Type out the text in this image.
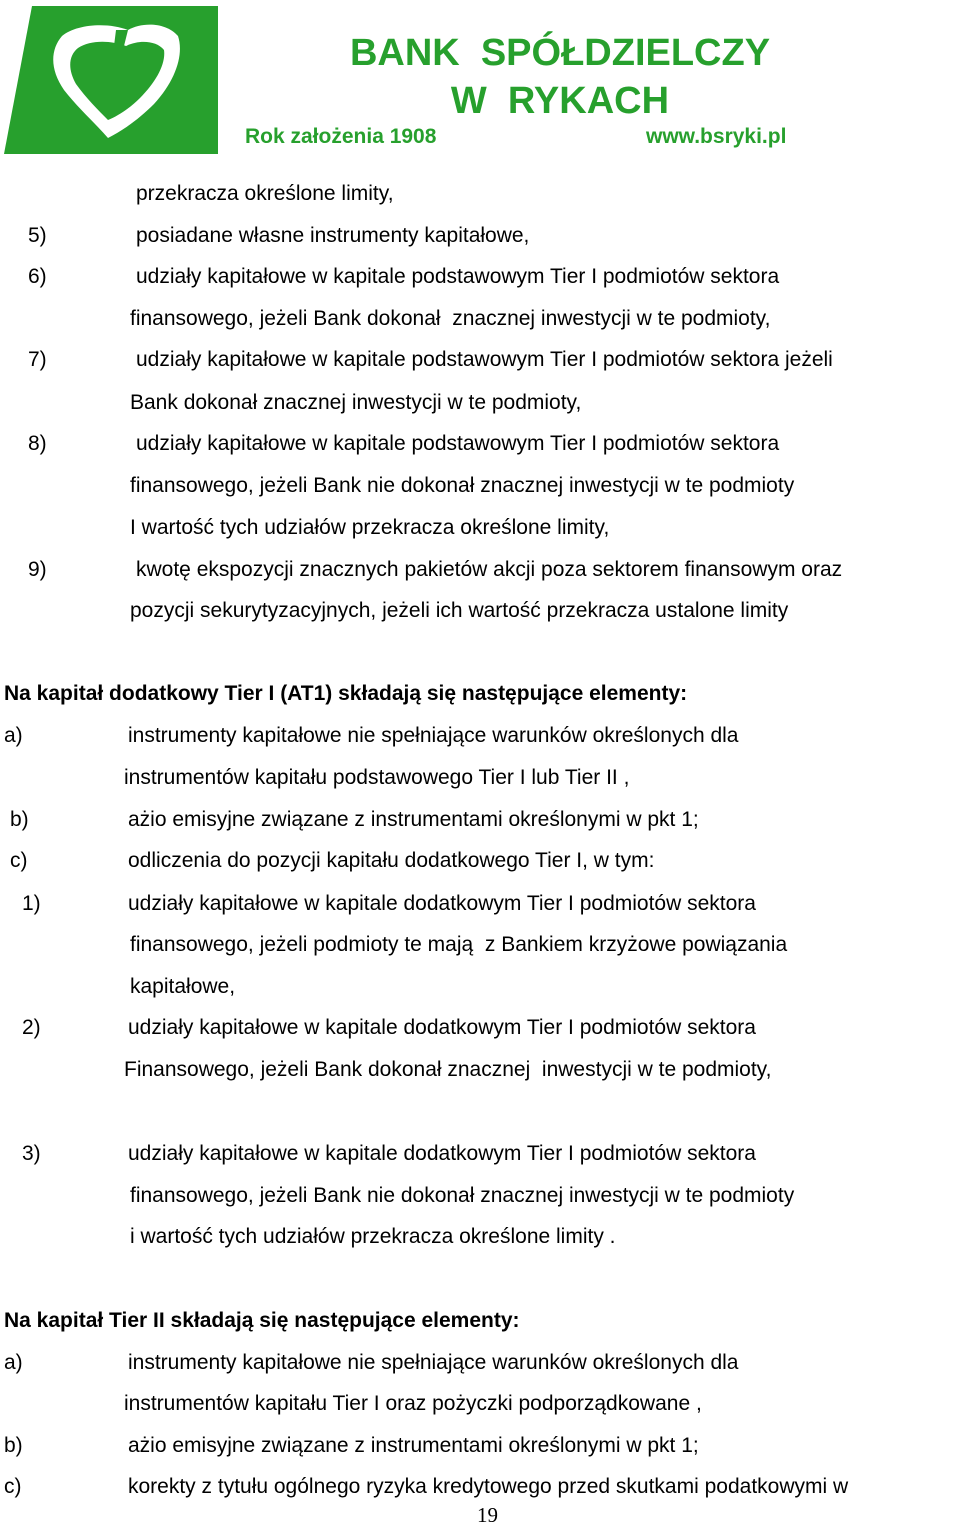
BANK  SPÓŁDZIELCZY
W  RYKACH
Rok założenia 1908	www.bsryki.pl
przekracza określone limity,
5)	posiadane własne instrumenty kapitałowe,
6)	udziały kapitałowe w kapitale podstawowym Tier I podmiotów sektora
finansowego, jeżeli Bank dokonał  znacznej inwestycji w te podmioty,
7)	udziały kapitałowe w kapitale podstawowym Tier I podmiotów sektora jeżeli
Bank dokonał znacznej inwestycji w te podmioty,
8)	udziały kapitałowe w kapitale podstawowym Tier I podmiotów sektora
finansowego, jeżeli Bank nie dokonał znacznej inwestycji w te podmioty
I wartość tych udziałów przekracza określone limity,
9)	kwotę ekspozycji znacznych pakietów akcji poza sektorem finansowym oraz
pozycji sekurytyzacyjnych, jeżeli ich wartość przekracza ustalone limity
Na kapitał dodatkowy Tier I (AT1) składają się następujące elementy:
a)	instrumenty kapitałowe nie spełniające warunków określonych dla
instrumentów kapitału podstawowego Tier I lub Tier II ,
b)	ażio emisyjne związane z instrumentami określonymi w pkt 1;
c)	odliczenia do pozycji kapitału dodatkowego Tier I, w tym:
1)	udziały kapitałowe w kapitale dodatkowym Tier I podmiotów sektora
finansowego, jeżeli podmioty te mają  z Bankiem krzyżowe powiązania
kapitałowe,
2)	udziały kapitałowe w kapitale dodatkowym Tier I podmiotów sektora
Finansowego, jeżeli Bank dokonał znacznej  inwestycji w te podmioty,
3)	udziały kapitałowe w kapitale dodatkowym Tier I podmiotów sektora
finansowego, jeżeli Bank nie dokonał znacznej inwestycji w te podmioty
i wartość tych udziałów przekracza określone limity .
Na kapitał Tier II składają się następujące elementy:
a)	instrumenty kapitałowe nie spełniające warunków określonych dla
instrumentów kapitału Tier I oraz pożyczki podporządkowane ,
b)	ażio emisyjne związane z instrumentami określonymi w pkt 1;
c)	korekty z tytułu ogólnego ryzyka kredytowego przed skutkami podatkowymi w
19
